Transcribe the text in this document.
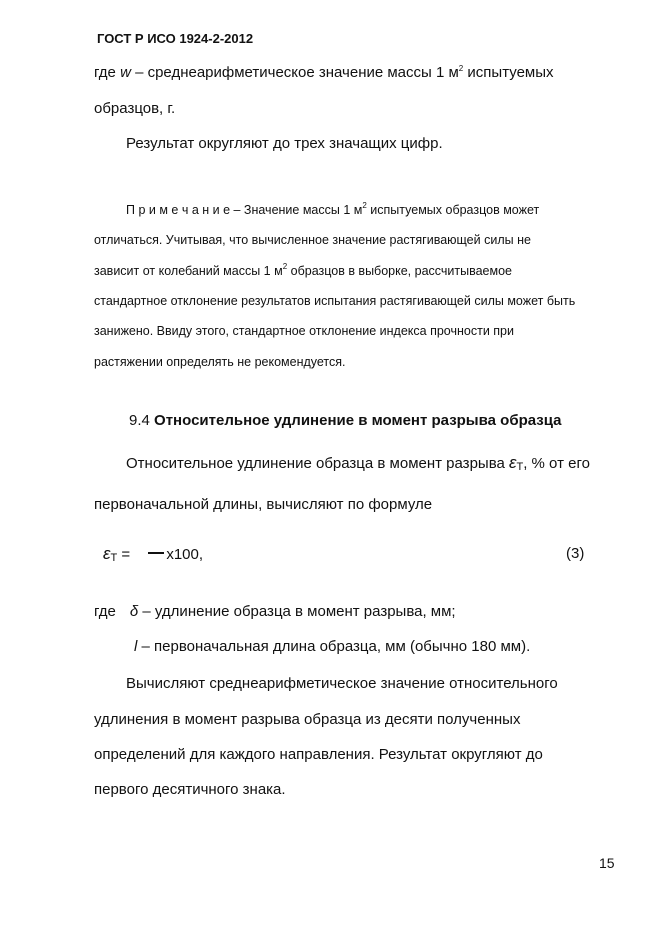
ГОСТ Р ИСО 1924-2-2012
где w – среднеарифметическое значение массы 1 $м^2$ испытуемых
образцов, г.
Результат округляют до трех значащих цифр.
П р и м е ч а н и е – Значение массы 1 $м^2$ испытуемых образцов может
отличаться. Учитывая, что вычисленное значение растягивающей силы не
зависит от колебаний массы 1 $м^2$ образцов в выборке, рассчитываемое
стандартное отклонение результатов испытания растягивающей силы может быть
занижено. Ввиду этого, стандартное отклонение индекса прочности при
растяжении определять не рекомендуется.
9.4 Относительное удлинение в момент разрыва образца
Относительное удлинение образца в момент разрыва εТ, % от его
первоначальной длины, вычисляют по формуле
εТ = х100,	(3)
где δ – удлинение образца в момент разрыва, мм;
l – первоначальная длина образца, мм (обычно 180 мм).
Вычисляют среднеарифметическое значение относительного
удлинения в момент разрыва образца из десяти полученных
определений для каждого направления. Результат округляют до
первого десятичного знака.
15
